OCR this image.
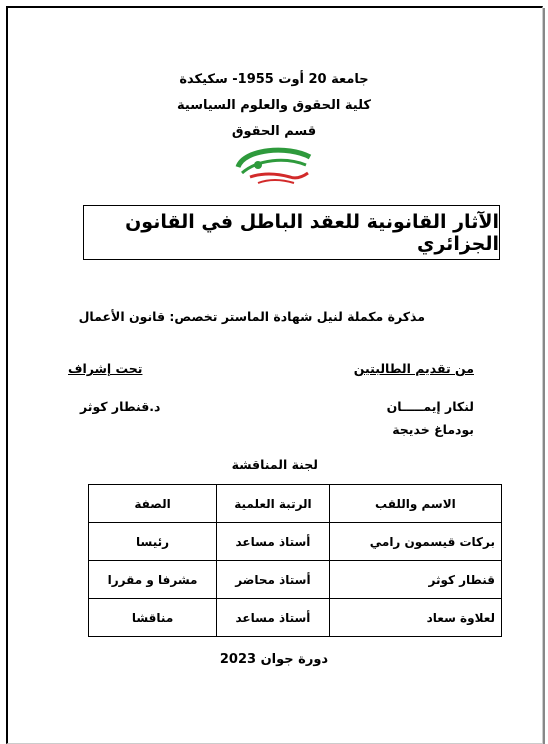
جامعة 20 أوت 1955- سكيكدة
كلية الحقوق والعلوم السياسية
قسم الحقوق
الآثار القانونية للعقد الباطل في القانون الجزائري
مذكرة مكملة لنيل شهادة الماستر تخصص: قانون الأعمال
من تقديم الطالبتين
تحت إشراف
لنكار إيمـــــان
د.قنطار كوثر
بودماغ خديجة
لجنة المناقشة
الاسم واللقب	الرتبة العلمية	الصفة
بركات قيسمون رامي	أستاذ مساعد	رئيسا
قنطار كوثر	أستاذ محاضر	مشرفا و مقررا
لعلاوة سعاد	أستاذ مساعد	مناقشا
دورة جوان 2023
